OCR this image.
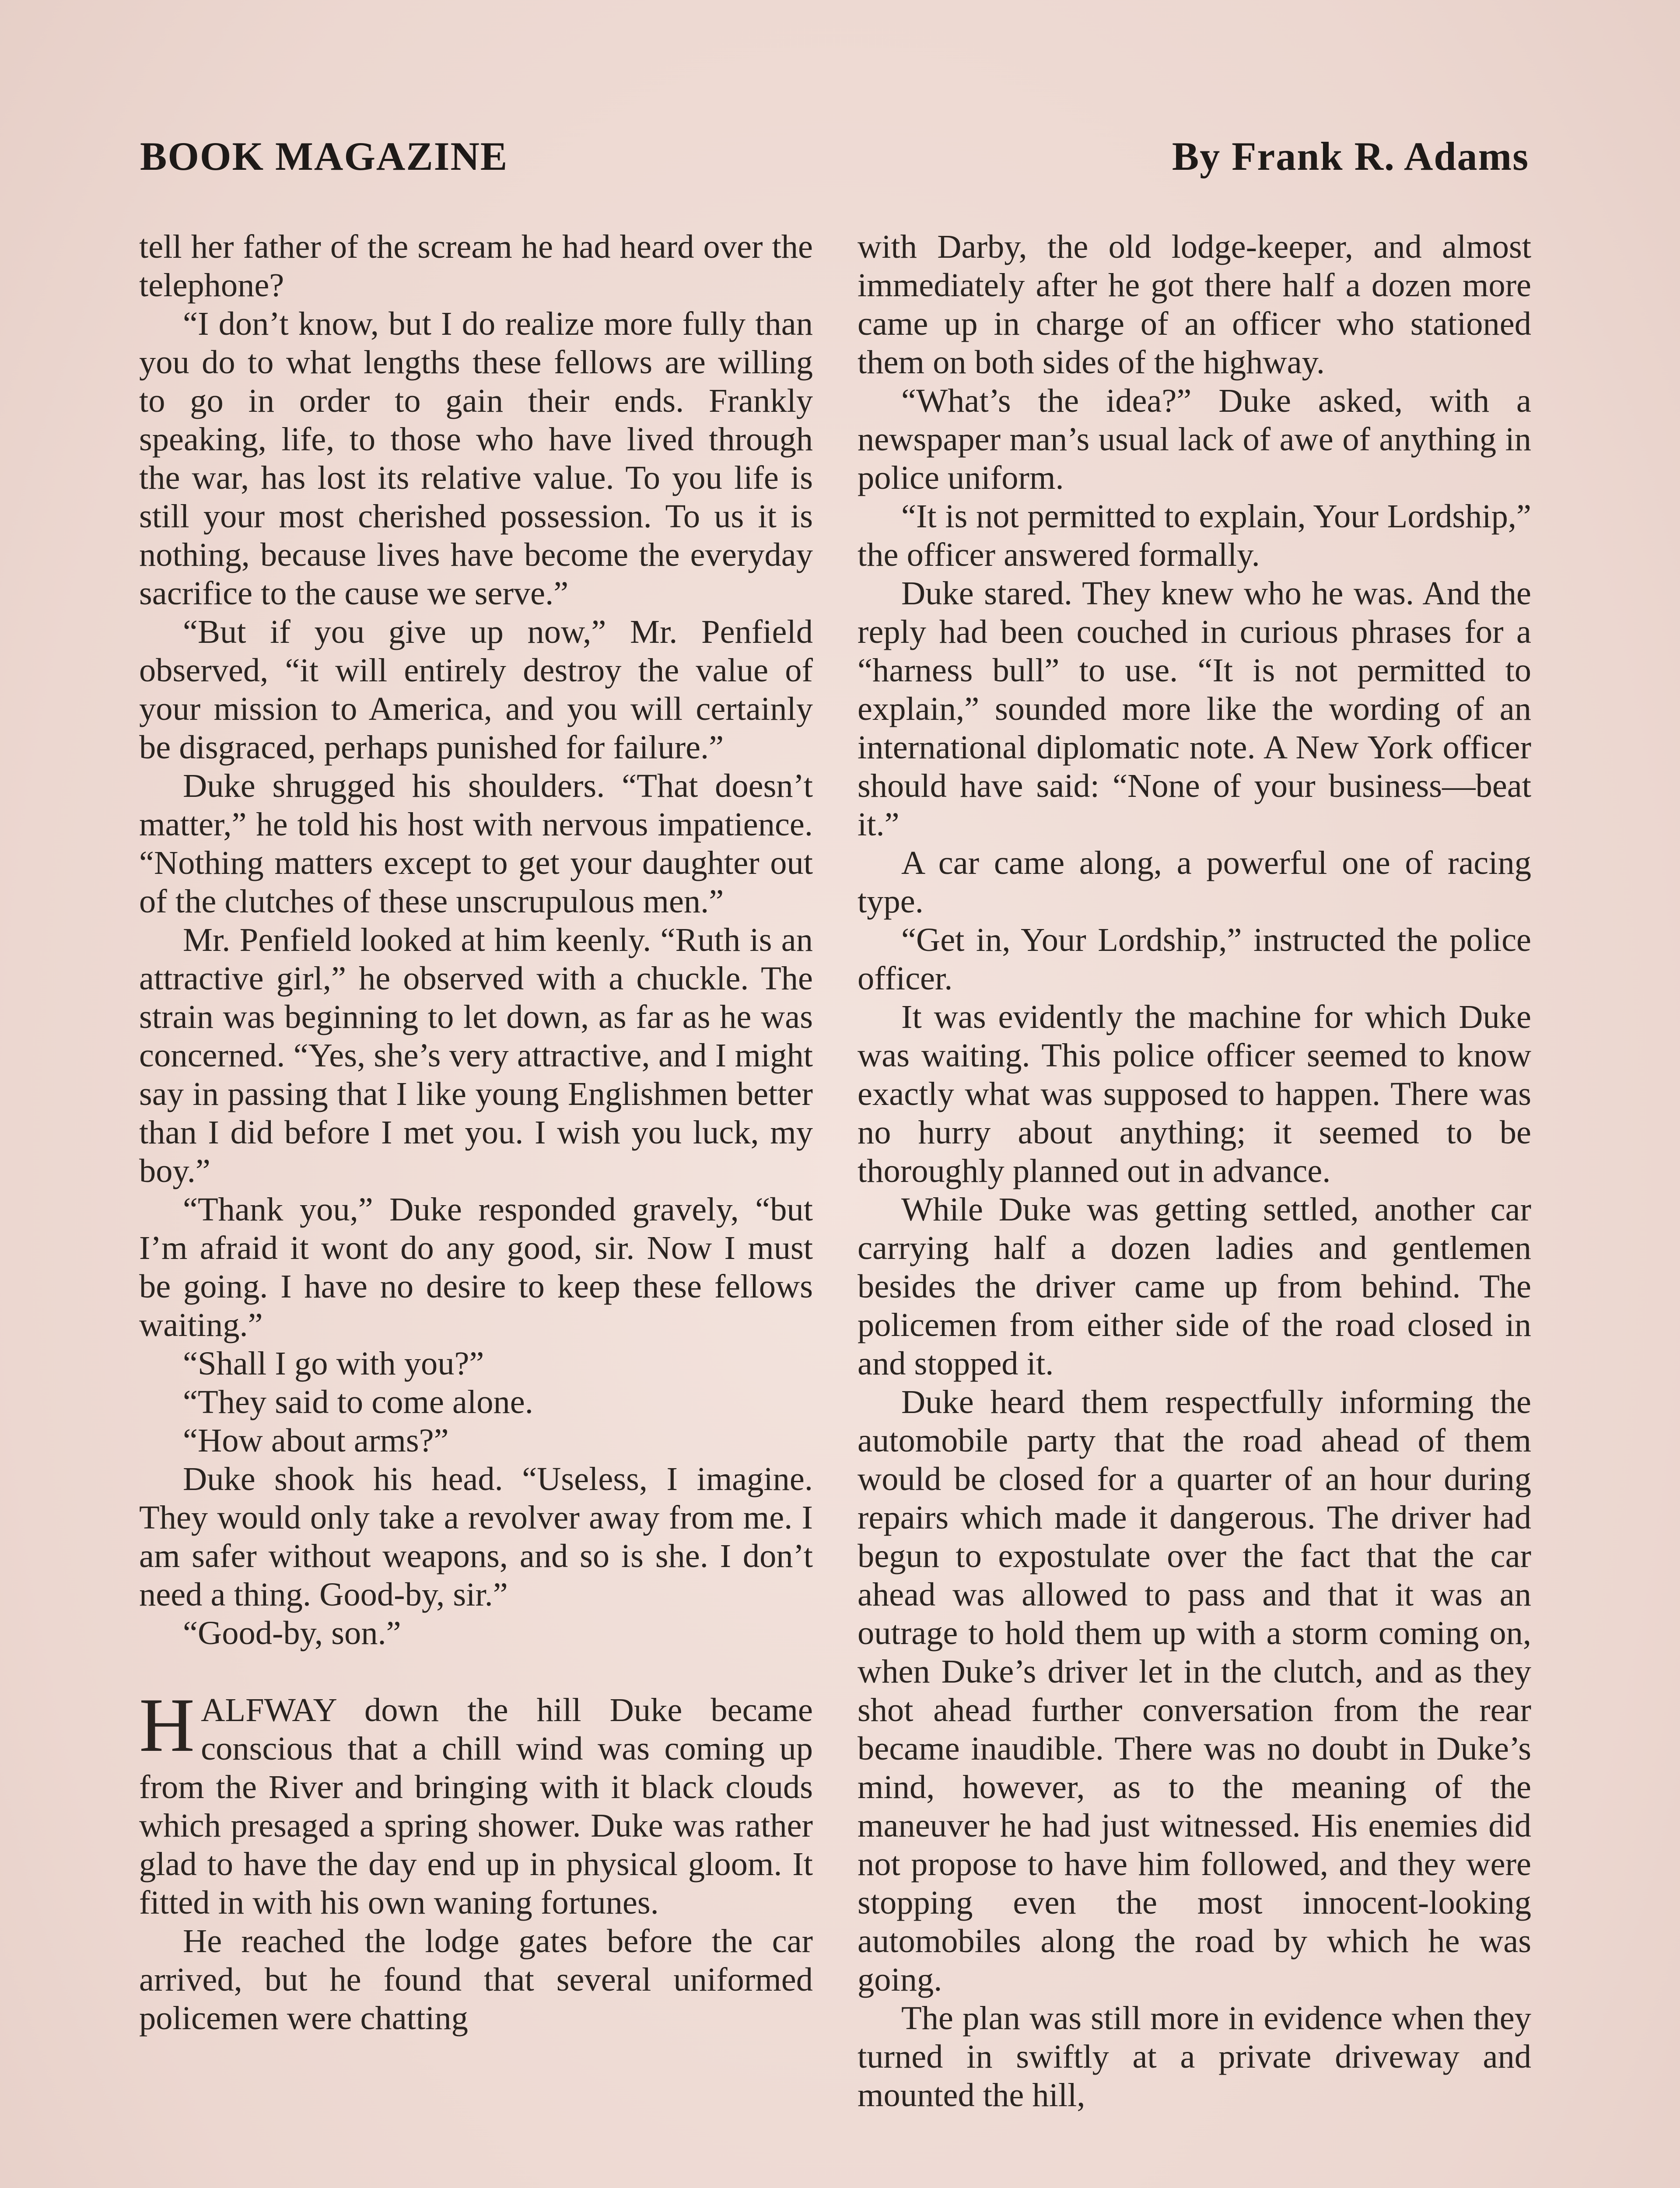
BOOK MAGAZINE	By Frank R. Adams

tell her father of the scream he had heard over the telephone?

“I don’t know, but I do realize more fully than you do to what lengths these fellows are willing to go in order to gain their ends. Frankly speaking, life, to those who have lived through the war, has lost its relative value. To you life is still your most cherished possession. To us it is nothing, because lives have become the everyday sacrifice to the cause we serve.”

“But if you give up now,” Mr. Penfield observed, “it will entirely destroy the value of your mission to America, and you will certainly be disgraced, perhaps punished for failure.”

Duke shrugged his shoulders. “That doesn’t matter,” he told his host with nervous impatience. “Nothing matters except to get your daughter out of the clutches of these unscrupulous men.”

Mr. Penfield looked at him keenly. “Ruth is an attractive girl,” he observed with a chuckle. The strain was beginning to let down, as far as he was concerned. “Yes, she’s very attractive, and I might say in passing that I like young Englishmen better than I did before I met you. I wish you luck, my boy.”

“Thank you,” Duke responded gravely, “but I’m afraid it wont do any good, sir. Now I must be going. I have no desire to keep these fellows waiting.”

“Shall I go with you?”

“They said to come alone.

“How about arms?”

Duke shook his head. “Useless, I imagine. They would only take a revolver away from me. I am safer without weapons, and so is she. I don’t need a thing. Good-by, sir.”

“Good-by, son.”

HALFWAY down the hill Duke became conscious that a chill wind was coming up from the River and bringing with it black clouds which presaged a spring shower. Duke was rather glad to have the day end up in physical gloom. It fitted in with his own waning fortunes.

He reached the lodge gates before the car arrived, but he found that several uniformed policemen were chatting

with Darby, the old lodge-keeper, and almost immediately after he got there half a dozen more came up in charge of an officer who stationed them on both sides of the highway.

“What’s the idea?” Duke asked, with a newspaper man’s usual lack of awe of anything in police uniform.

“It is not permitted to explain, Your Lordship,” the officer answered formally.

Duke stared. They knew who he was. And the reply had been couched in curious phrases for a “harness bull” to use. “It is not permitted to explain,” sounded more like the wording of an international diplomatic note. A New York officer should have said: “None of your business—beat it.”

A car came along, a powerful one of racing type.

“Get in, Your Lordship,” instructed the police officer.

It was evidently the machine for which Duke was waiting. This police officer seemed to know exactly what was supposed to happen. There was no hurry about anything; it seemed to be thoroughly planned out in advance.

While Duke was getting settled, another car carrying half a dozen ladies and gentlemen besides the driver came up from behind. The policemen from either side of the road closed in and stopped it.

Duke heard them respectfully informing the automobile party that the road ahead of them would be closed for a quarter of an hour during repairs which made it dangerous. The driver had begun to expostulate over the fact that the car ahead was allowed to pass and that it was an outrage to hold them up with a storm coming on, when Duke’s driver let in the clutch, and as they shot ahead further conversation from the rear became inaudible. There was no doubt in Duke’s mind, however, as to the meaning of the maneuver he had just witnessed. His enemies did not propose to have him followed, and they were stopping even the most innocent-looking automobiles along the road by which he was going.

The plan was still more in evidence when they turned in swiftly at a private driveway and mounted the hill,
